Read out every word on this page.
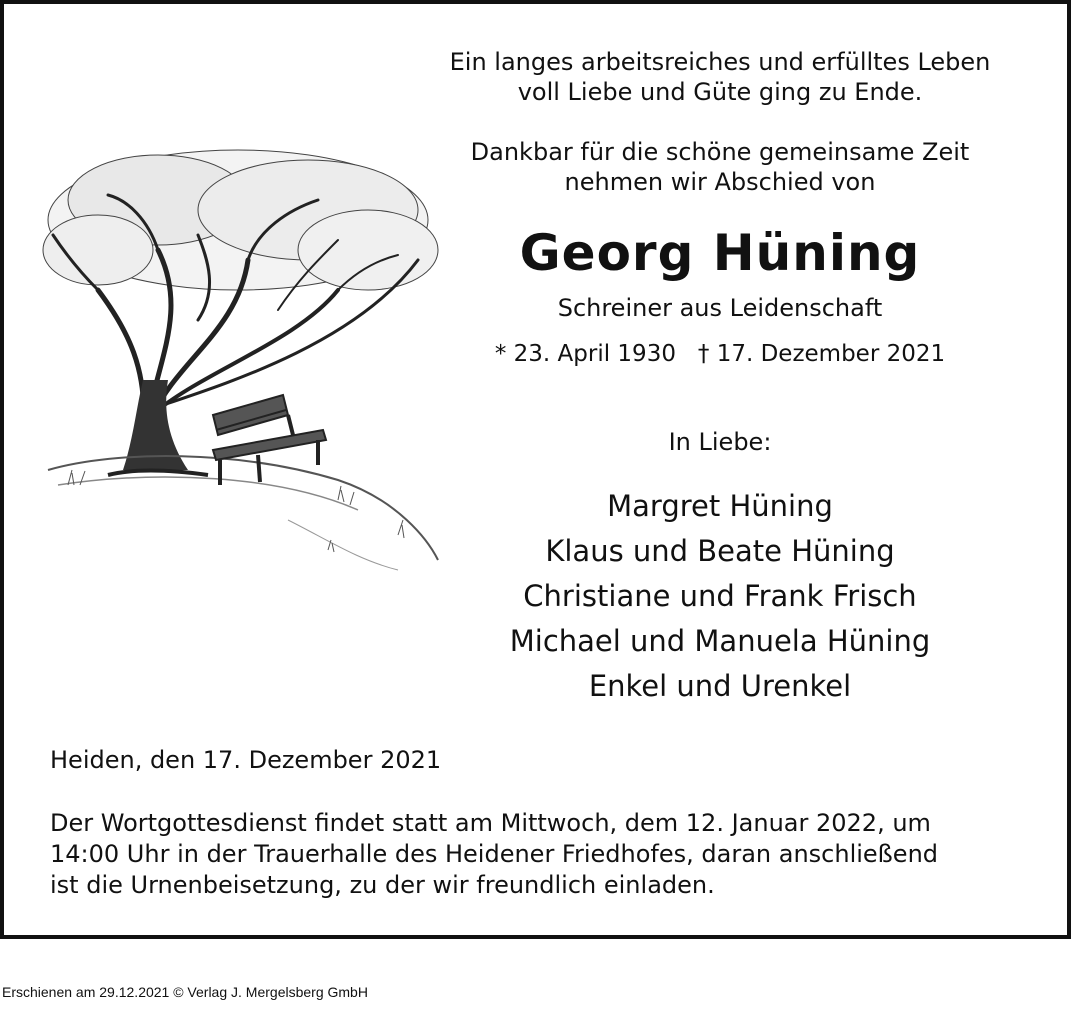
Ein langes arbeitsreiches und erfülltes Leben
voll Liebe und Güte ging zu Ende.
Dankbar für die schöne gemeinsame Zeit
nehmen wir Abschied von
Georg Hüning
Schreiner aus Leidenschaft
* 23. April 1930   † 17. Dezember 2021
In Liebe:
Margret Hüning
Klaus und Beate Hüning
Christiane und Frank Frisch
Michael und Manuela Hüning
Enkel und Urenkel
Heiden, den 17. Dezember 2021
Der Wortgottesdienst findet statt am Mittwoch, dem 12. Januar 2022, um
14:00 Uhr in der Trauerhalle des Heidener Friedhofes, daran anschließend
ist die Urnenbeisetzung, zu der wir freundlich einladen.
Erschienen am 29.12.2021 © Verlag J. Mergelsberg GmbH
